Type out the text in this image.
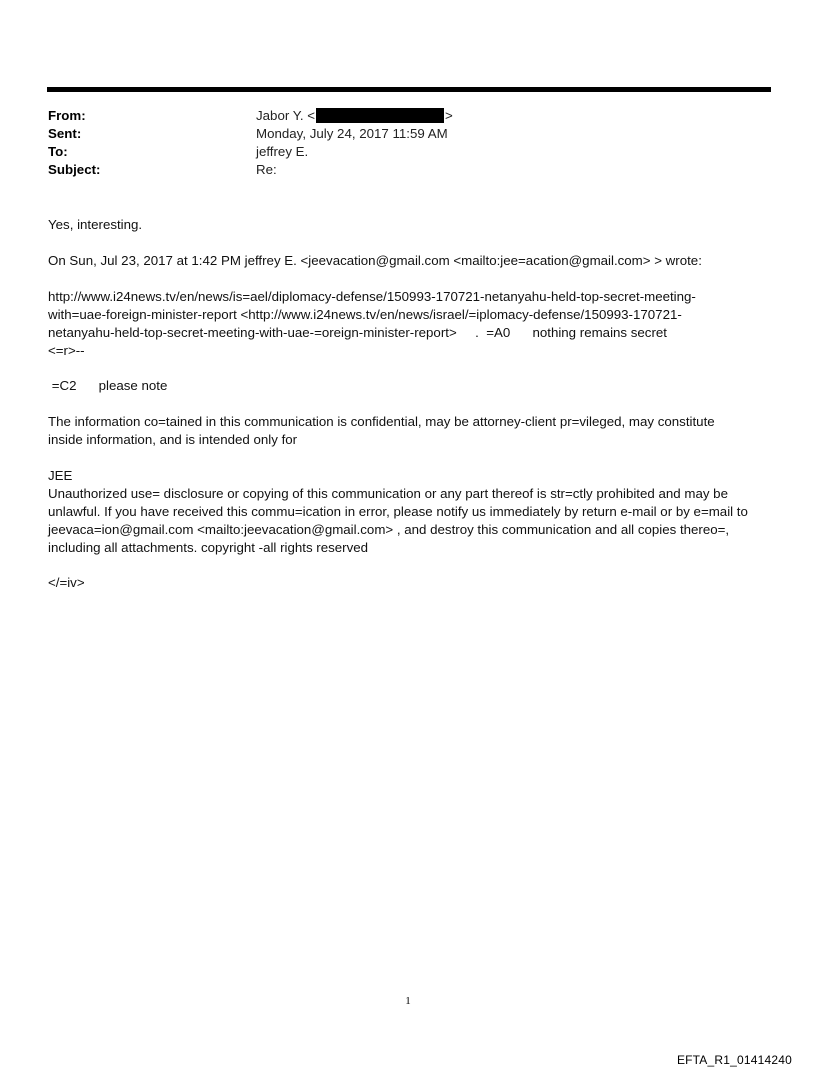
From:	Jabor Y. <	>
Sent:	Monday, July 24, 2017 11:59 AM
To:	jeffrey E.
Subject:	Re:
Yes, interesting.
On Sun, Jul 23, 2017 at 1:42 PM jeffrey E. <jeevacation@gmail.com <mailto:jee=acation@gmail.com> > wrote:
http://www.i24news.tv/en/news/is=ael/diplomacy-defense/150993-170721-netanyahu-held-top-secret-meeting-
with=uae-foreign-minister-report <http://www.i24news.tv/en/news/israel/=iplomacy-defense/150993-170721-
netanyahu-held-top-secret-meeting-with-uae-=oreign-minister-report>     .  =A0      nothing remains secret
<=r>--
=C2      please note
The information co=tained in this communication is confidential, may be attorney-client pr=vileged, may constitute
inside information, and is intended only for
JEE
Unauthorized use= disclosure or copying of this communication or any part thereof is str=ctly prohibited and may be
unlawful. If you have received this commu=ication in error, please notify us immediately by return e-mail or by e=mail to
jeevaca=ion@gmail.com <mailto:jeevacation@gmail.com> , and destroy this communication and all copies thereo=,
including all attachments. copyright -all rights reserved
</=iv>
1
EFTA_R1_01414240
